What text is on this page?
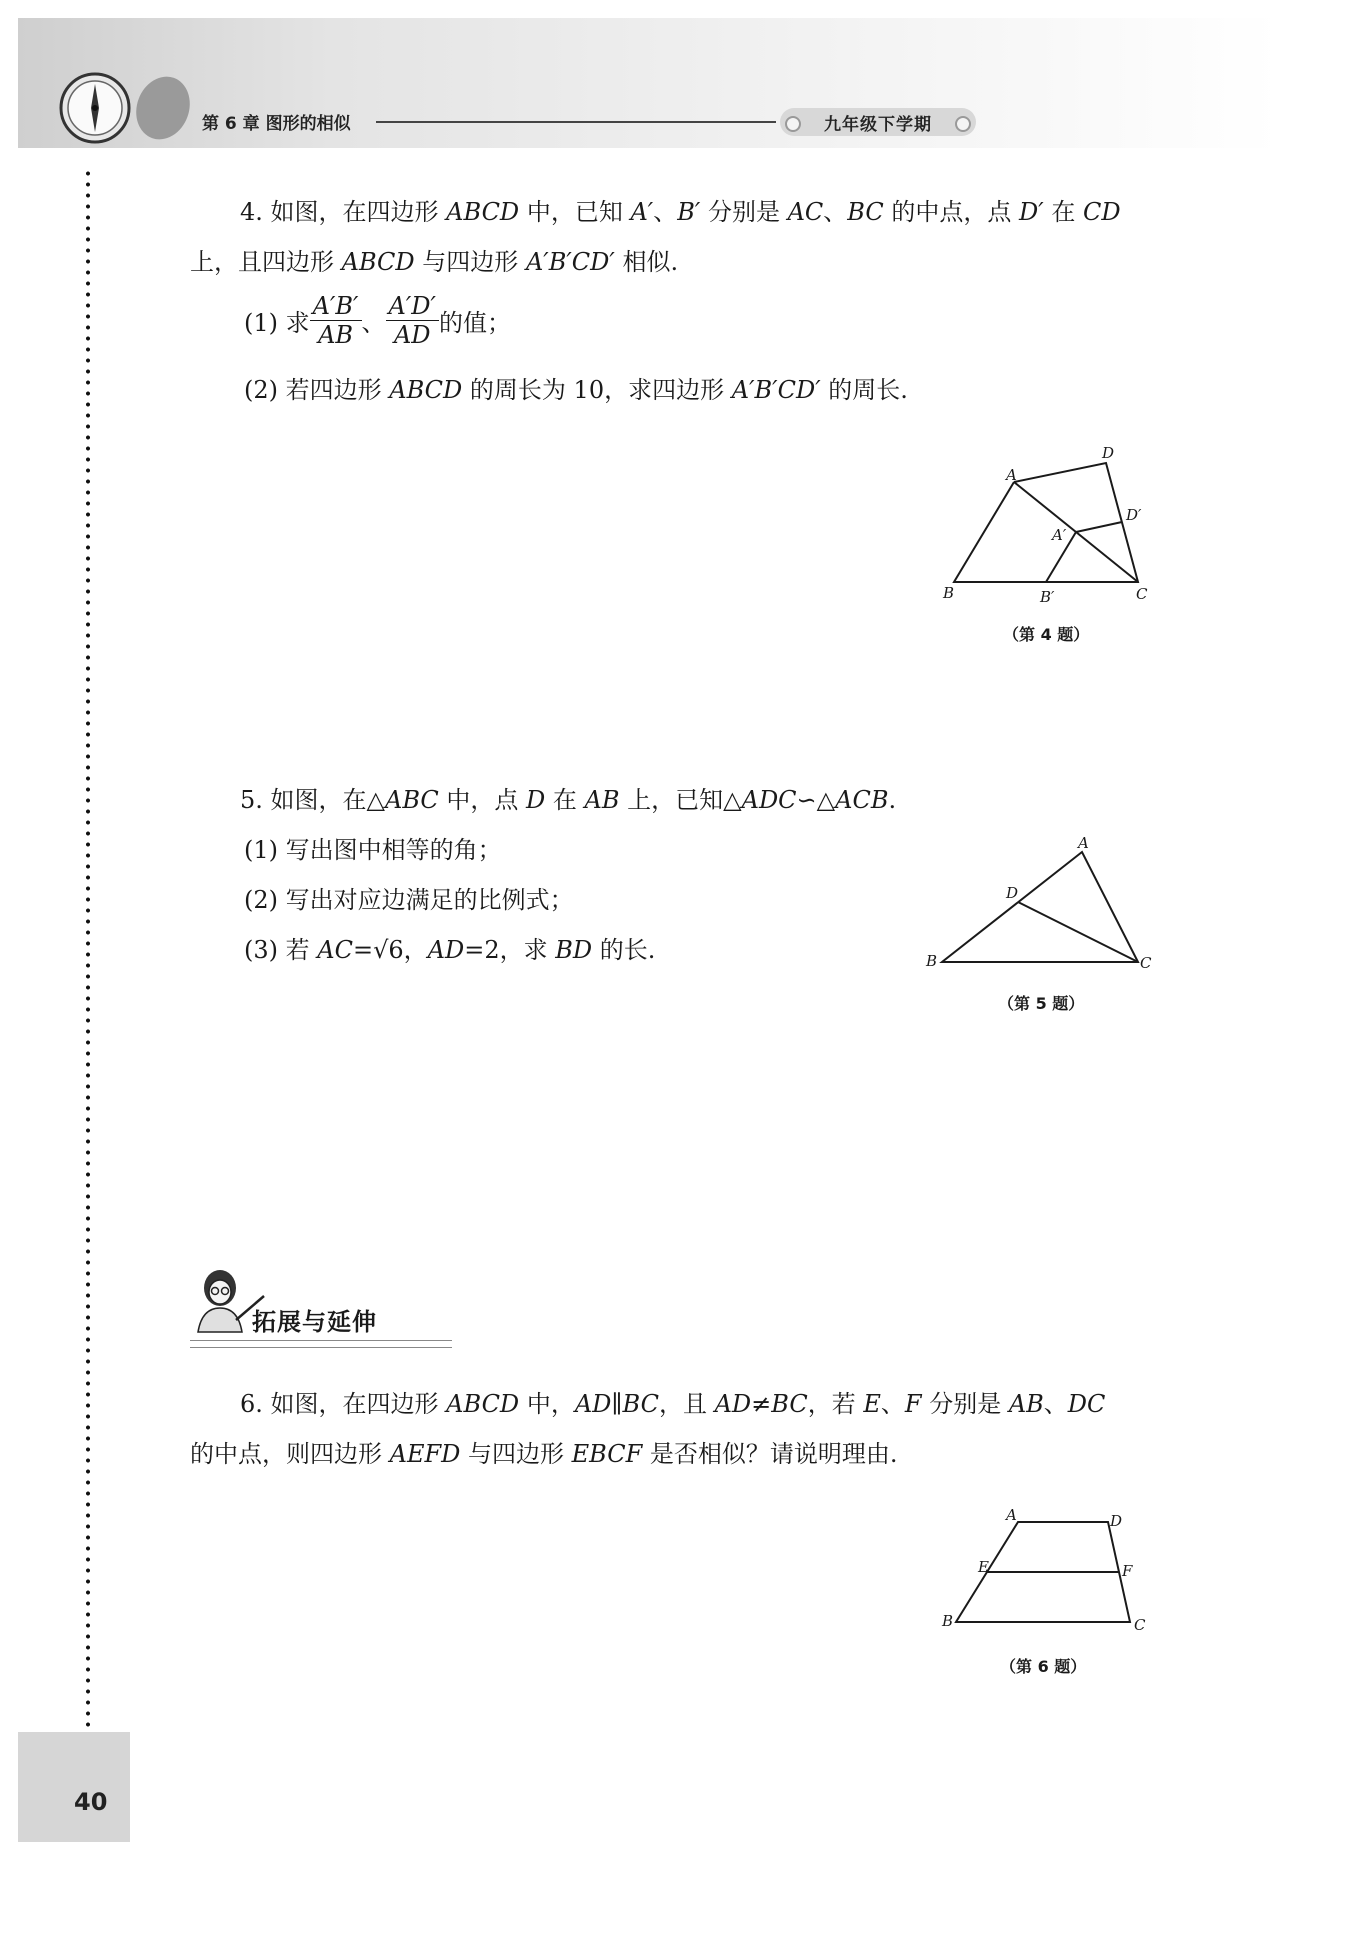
第 6 章 图形的相似	九年级下学期
4. 如图，在四边形 ABCD 中，已知 A′、B′ 分别是 AC、BC 的中点，点 D′ 在 CD
上，且四边形 ABCD 与四边形 A′B′CD′ 相似.
(1) 求 $\frac{A'B'}{AB}$ 、 $\frac{A'D'}{AD}$ 的值；
(2) 若四边形 ABCD 的周长为 10，求四边形 A′B′CD′ 的周长.
A
D
B	C
A′
B′
D′
（第 4 题）
5. 如图，在△ABC 中，点 D 在 AB 上，已知△ADC∽△ACB.
(1) 写出图中相等的角；
(2) 写出对应边满足的比例式；
(3) 若 AC=√6，AD=2，求 BD 的长.
A
D
B	C
（第 5 题）
拓展与延伸
6. 如图，在四边形 ABCD 中，AD∥BC，且 AD≠BC，若 E、F 分别是 AB、DC
的中点，则四边形 AEFD 与四边形 EBCF 是否相似？请说明理由.
A	D
E	F
B	C
（第 6 题）
40
